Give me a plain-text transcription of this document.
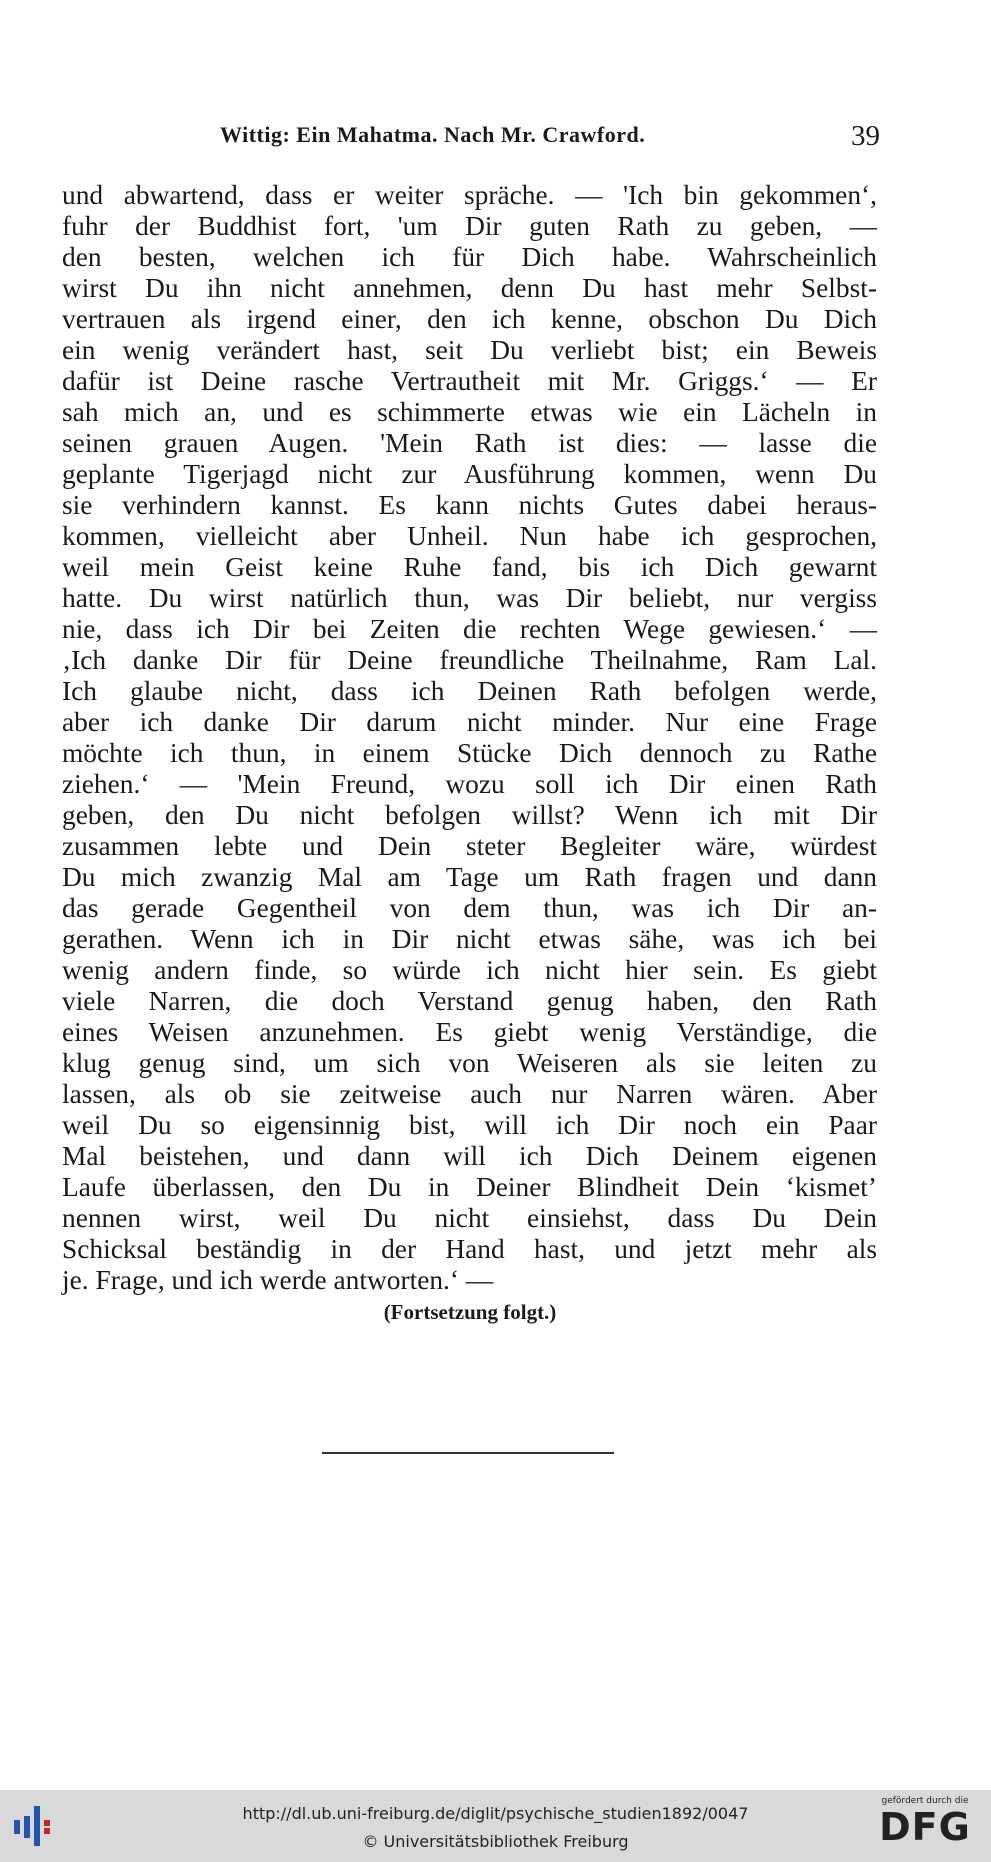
Wittig: Ein Mahatma. Nach Mr. Crawford.	39
und abwartend, dass er weiter spräche. — 'Ich bin gekommen‘,
fuhr der Buddhist fort, 'um Dir guten Rath zu geben, —
den besten, welchen ich für Dich habe. Wahrscheinlich
wirst Du ihn nicht annehmen, denn Du hast mehr Selbst-
vertrauen als irgend einer, den ich kenne, obschon Du Dich
ein wenig verändert hast, seit Du verliebt bist; ein Beweis
dafür ist Deine rasche Vertrautheit mit Mr. Griggs.‘ — Er
sah mich an, und es schimmerte etwas wie ein Lächeln in
seinen grauen Augen. 'Mein Rath ist dies: — lasse die
geplante Tigerjagd nicht zur Ausführung kommen, wenn Du
sie verhindern kannst. Es kann nichts Gutes dabei heraus-
kommen, vielleicht aber Unheil. Nun habe ich gesprochen,
weil mein Geist keine Ruhe fand, bis ich Dich gewarnt
hatte. Du wirst natürlich thun, was Dir beliebt, nur vergiss
nie, dass ich Dir bei Zeiten die rechten Wege gewiesen.‘ —
‚Ich danke Dir für Deine freundliche Theilnahme, Ram Lal.
Ich glaube nicht, dass ich Deinen Rath befolgen werde,
aber ich danke Dir darum nicht minder. Nur eine Frage
möchte ich thun, in einem Stücke Dich dennoch zu Rathe
ziehen.‘ — 'Mein Freund, wozu soll ich Dir einen Rath
geben, den Du nicht befolgen willst? Wenn ich mit Dir
zusammen lebte und Dein steter Begleiter wäre, würdest
Du mich zwanzig Mal am Tage um Rath fragen und dann
das gerade Gegentheil von dem thun, was ich Dir an-
gerathen. Wenn ich in Dir nicht etwas sähe, was ich bei
wenig andern finde, so würde ich nicht hier sein. Es giebt
viele Narren, die doch Verstand genug haben, den Rath
eines Weisen anzunehmen. Es giebt wenig Verständige, die
klug genug sind, um sich von Weiseren als sie leiten zu
lassen, als ob sie zeitweise auch nur Narren wären. Aber
weil Du so eigensinnig bist, will ich Dir noch ein Paar
Mal beistehen, und dann will ich Dich Deinem eigenen
Laufe überlassen, den Du in Deiner Blindheit Dein ‘kismet’
nennen wirst, weil Du nicht einsiehst, dass Du Dein
Schicksal beständig in der Hand hast, und jetzt mehr als
je. Frage, und ich werde antworten.‘ —
(Fortsetzung folgt.)
http://dl.ub.uni-freiburg.de/diglit/psychische_studien1892/0047
© Universitätsbibliothek Freiburg
gefördert durch die
DFG
